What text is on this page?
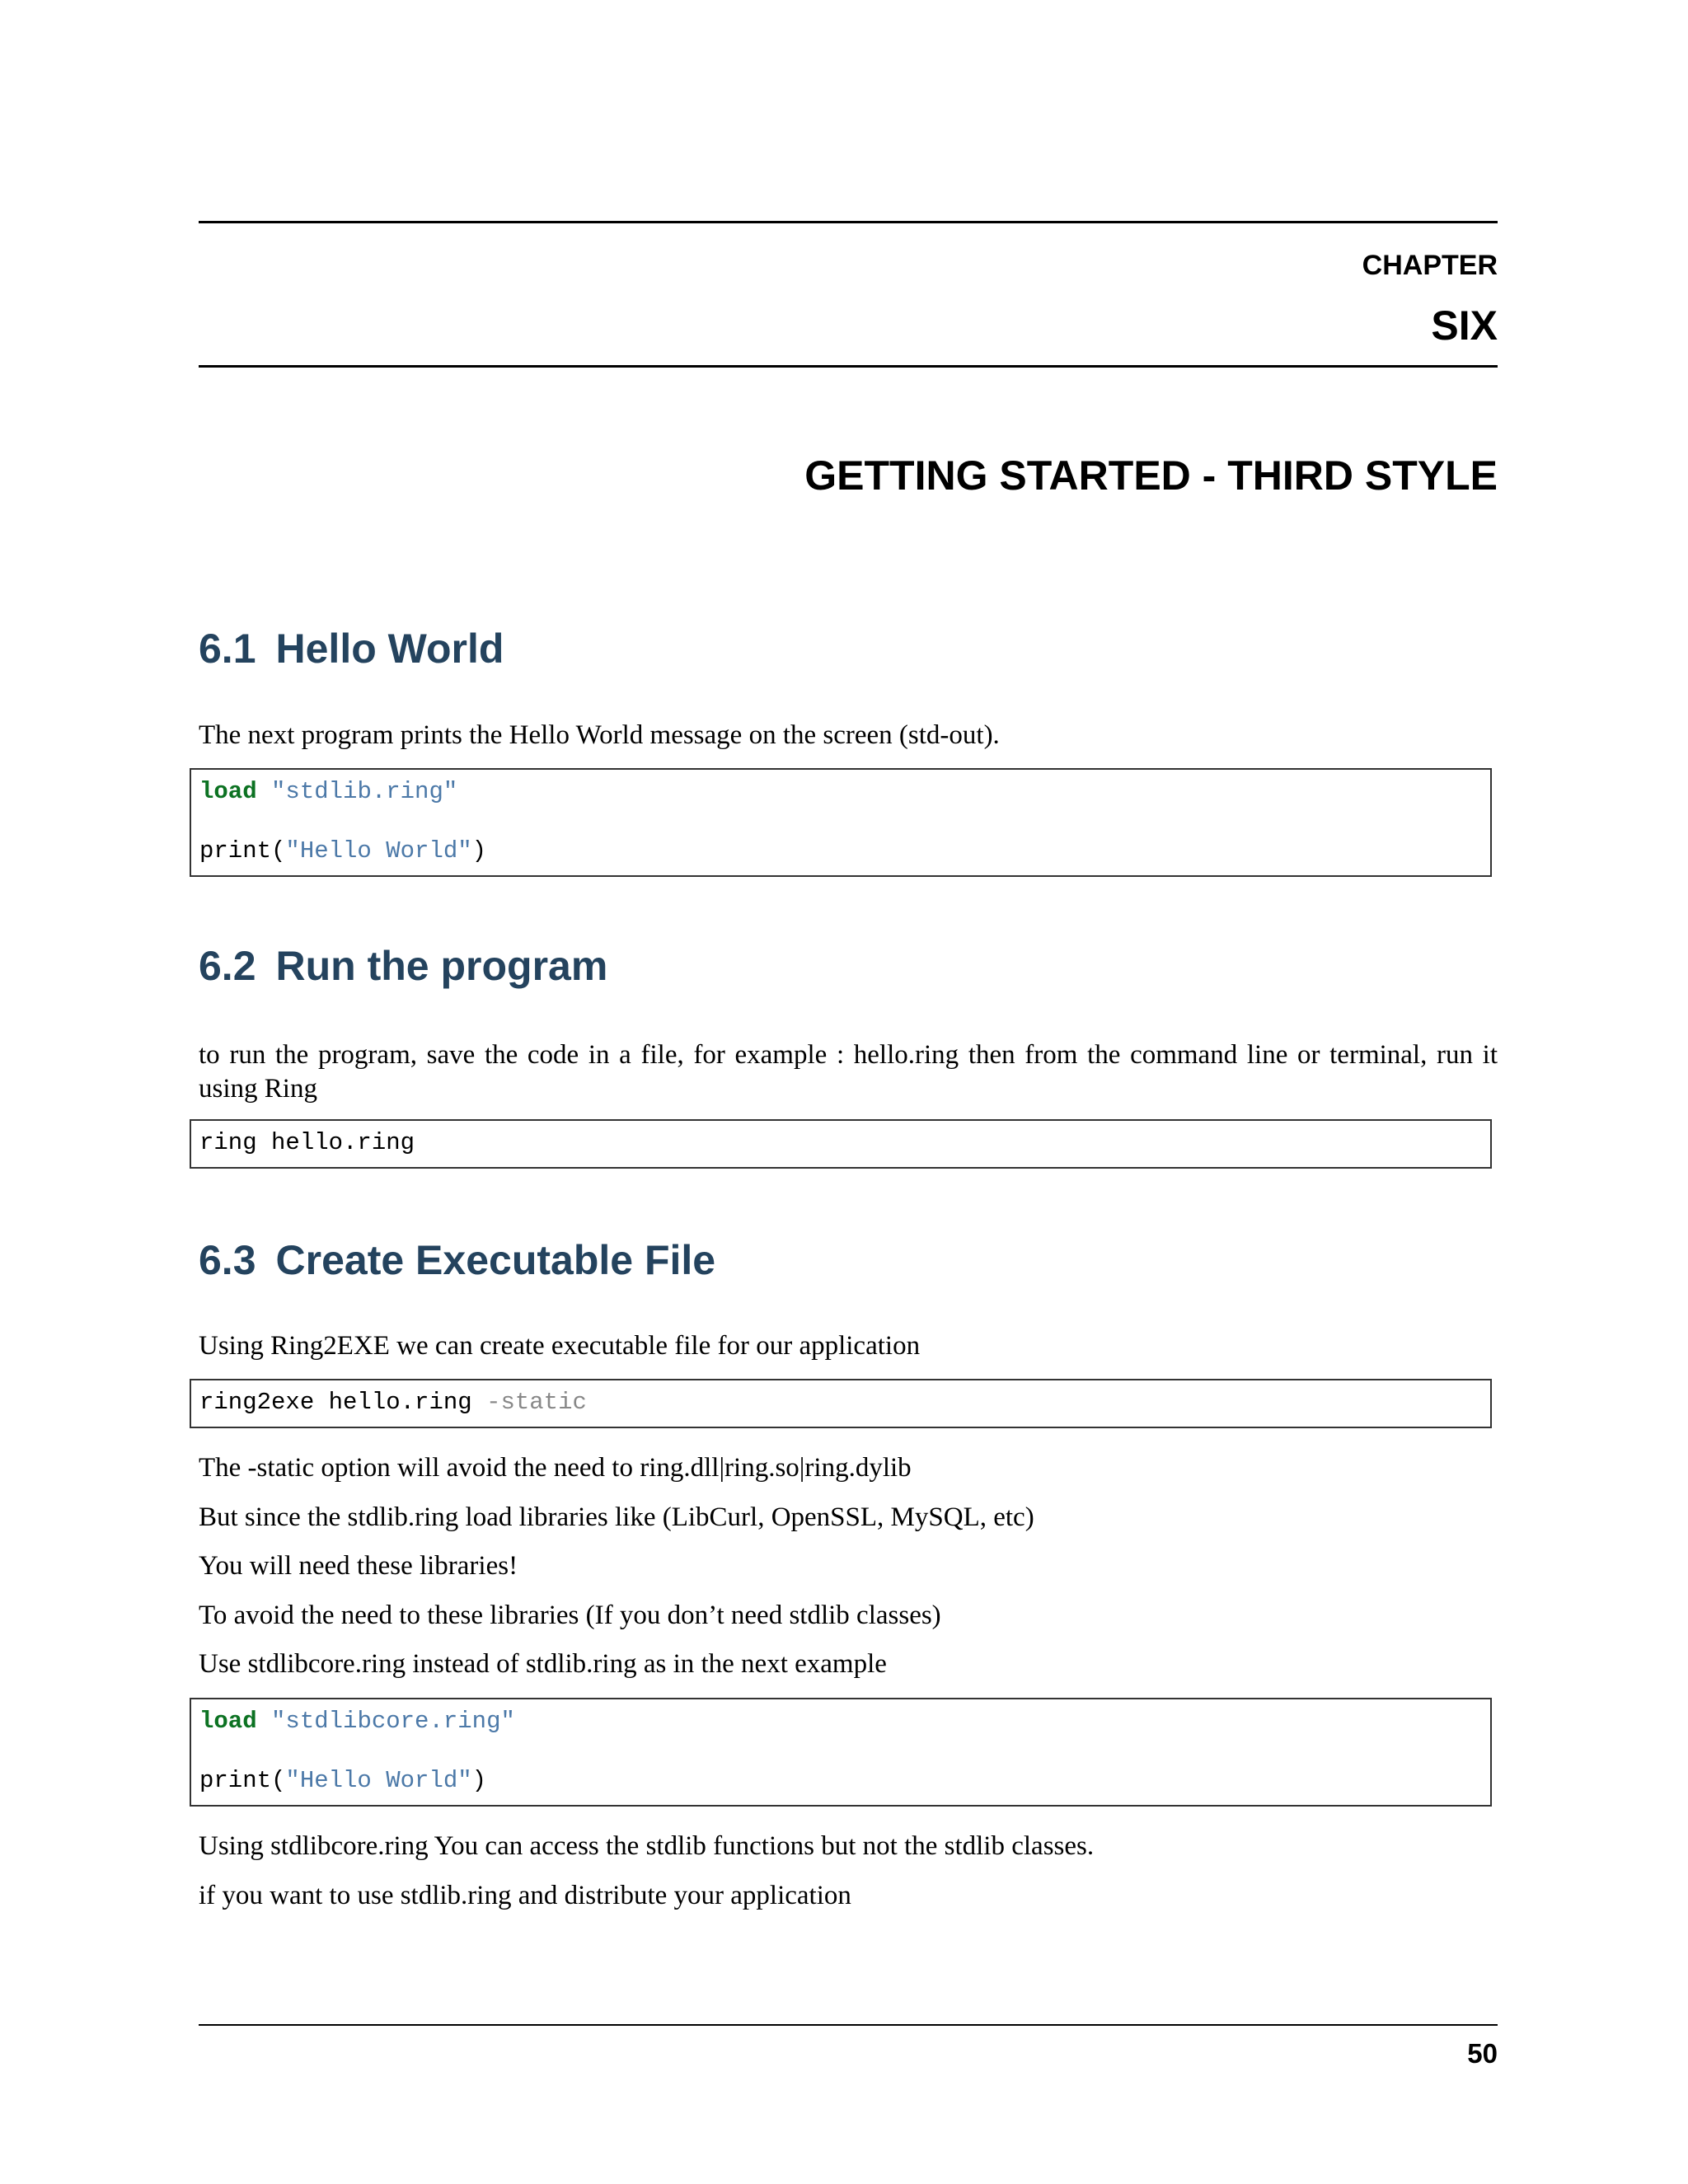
CHAPTER

SIX

GETTING STARTED - THIRD STYLE
6.1 Hello World

The next program prints the Hello World message on the screen (std-out).

load "stdlib.ring"
print("Hello World")
6.2 Run the program

to run the program, save the code in a file, for example : hello.ring then from the command line or terminal, run it using Ring

ring hello.ring
6.3 Create Executable File

Using Ring2EXE we can create executable file for our application

ring2exe hello.ring -static

The -static option will avoid the need to ring.dll|ring.so|ring.dylib

But since the stdlib.ring load libraries like (LibCurl, OpenSSL, MySQL, etc)

You will need these libraries!

To avoid the need to these libraries (If you don’t need stdlib classes)

Use stdlibcore.ring instead of stdlib.ring as in the next example

load "stdlibcore.ring"
print("Hello World")

Using stdlibcore.ring You can access the stdlib functions but not the stdlib classes.

if you want to use stdlib.ring and distribute your application

50
